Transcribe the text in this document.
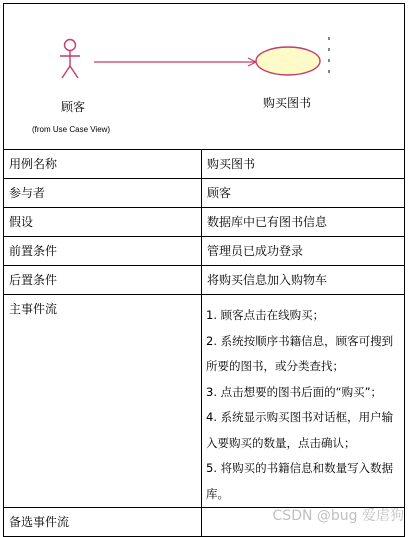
顾客
(from Use Case View)
购买图书	

用例名称	购买图书

参与者	顾客

假设	数据库中已有图书信息

前置条件	管理员已成功登录

后置条件	将购买信息加入购物车

主事件流	1. 顾客点击在线购买；
2. 系统按顺序书籍信息，顾客可搜到所要的图书，或分类查找；
3. 点击想要的图书后面的“购买”；
4. 系统显示购买图书对话框，用户输入要购买的数量，点击确认；
5. 将购买的书籍信息和数量写入数据库。

备选事件流	
		CSDN @bug 爱虐狗
